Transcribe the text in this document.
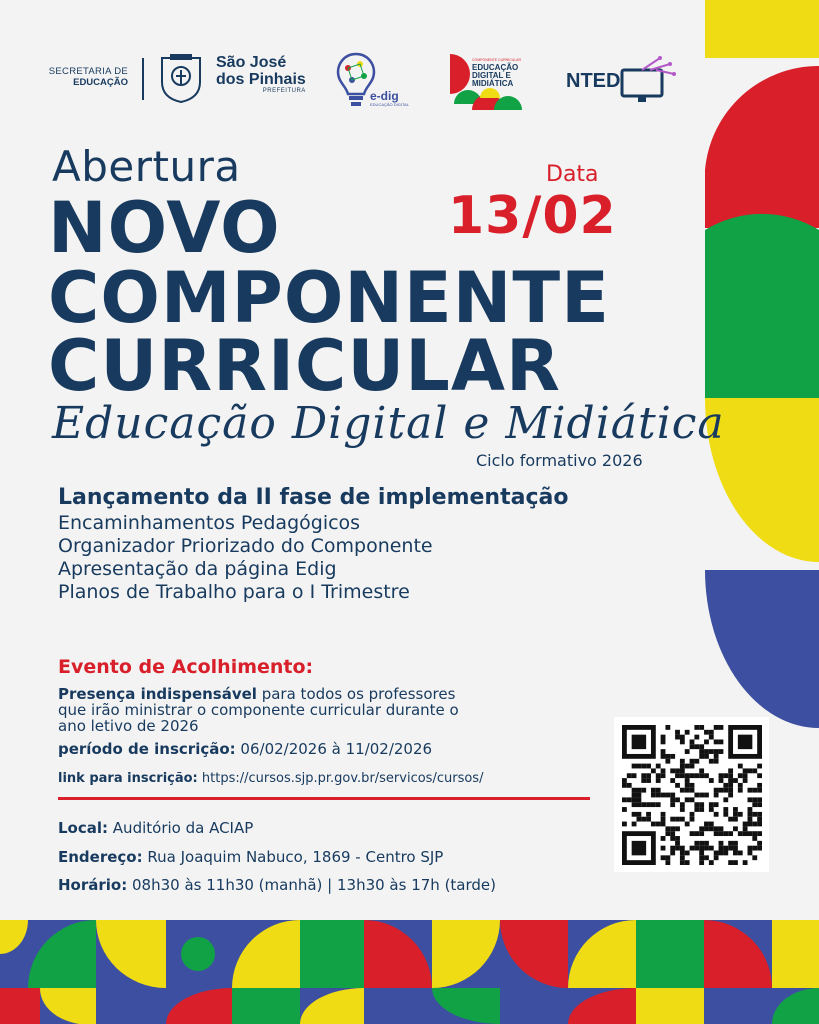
SECRETARIA DE
EDUCAÇÃO
São José
dos Pinhais
PREFEITURA	e-dig
EDUCAÇÃO DIGITAL
COMPONENTE CURRICULAR
EDUCAÇÃO
DIGITAL E
MIDIÁTICA	NTED
Abertura	Data
13/02
NOVO
COMPONENTE
CURRICULAR
Educação Digital e Midiática
Ciclo formativo 2026
Lançamento da II fase de implementação

Encaminhamentos Pedagógicos

Organizador Priorizado do Componente

Apresentação da página Edig

Planos de Trabalho para o I Trimestre

Evento de Acolhimento:
Presença indispensável para todos os professores
que irão ministrar o componente curricular durante o
ano letivo de 2026
período de inscrição: 06/02/2026 à 11/02/2026
link para inscrição: https://cursos.sjp.pr.gov.br/servicos/cursos/
Local: Auditório da ACIAP
Endereço: Rua Joaquim Nabuco, 1869 - Centro SJP
Horário: 08h30 às 11h30 (manhã) | 13h30 às 17h (tarde)
